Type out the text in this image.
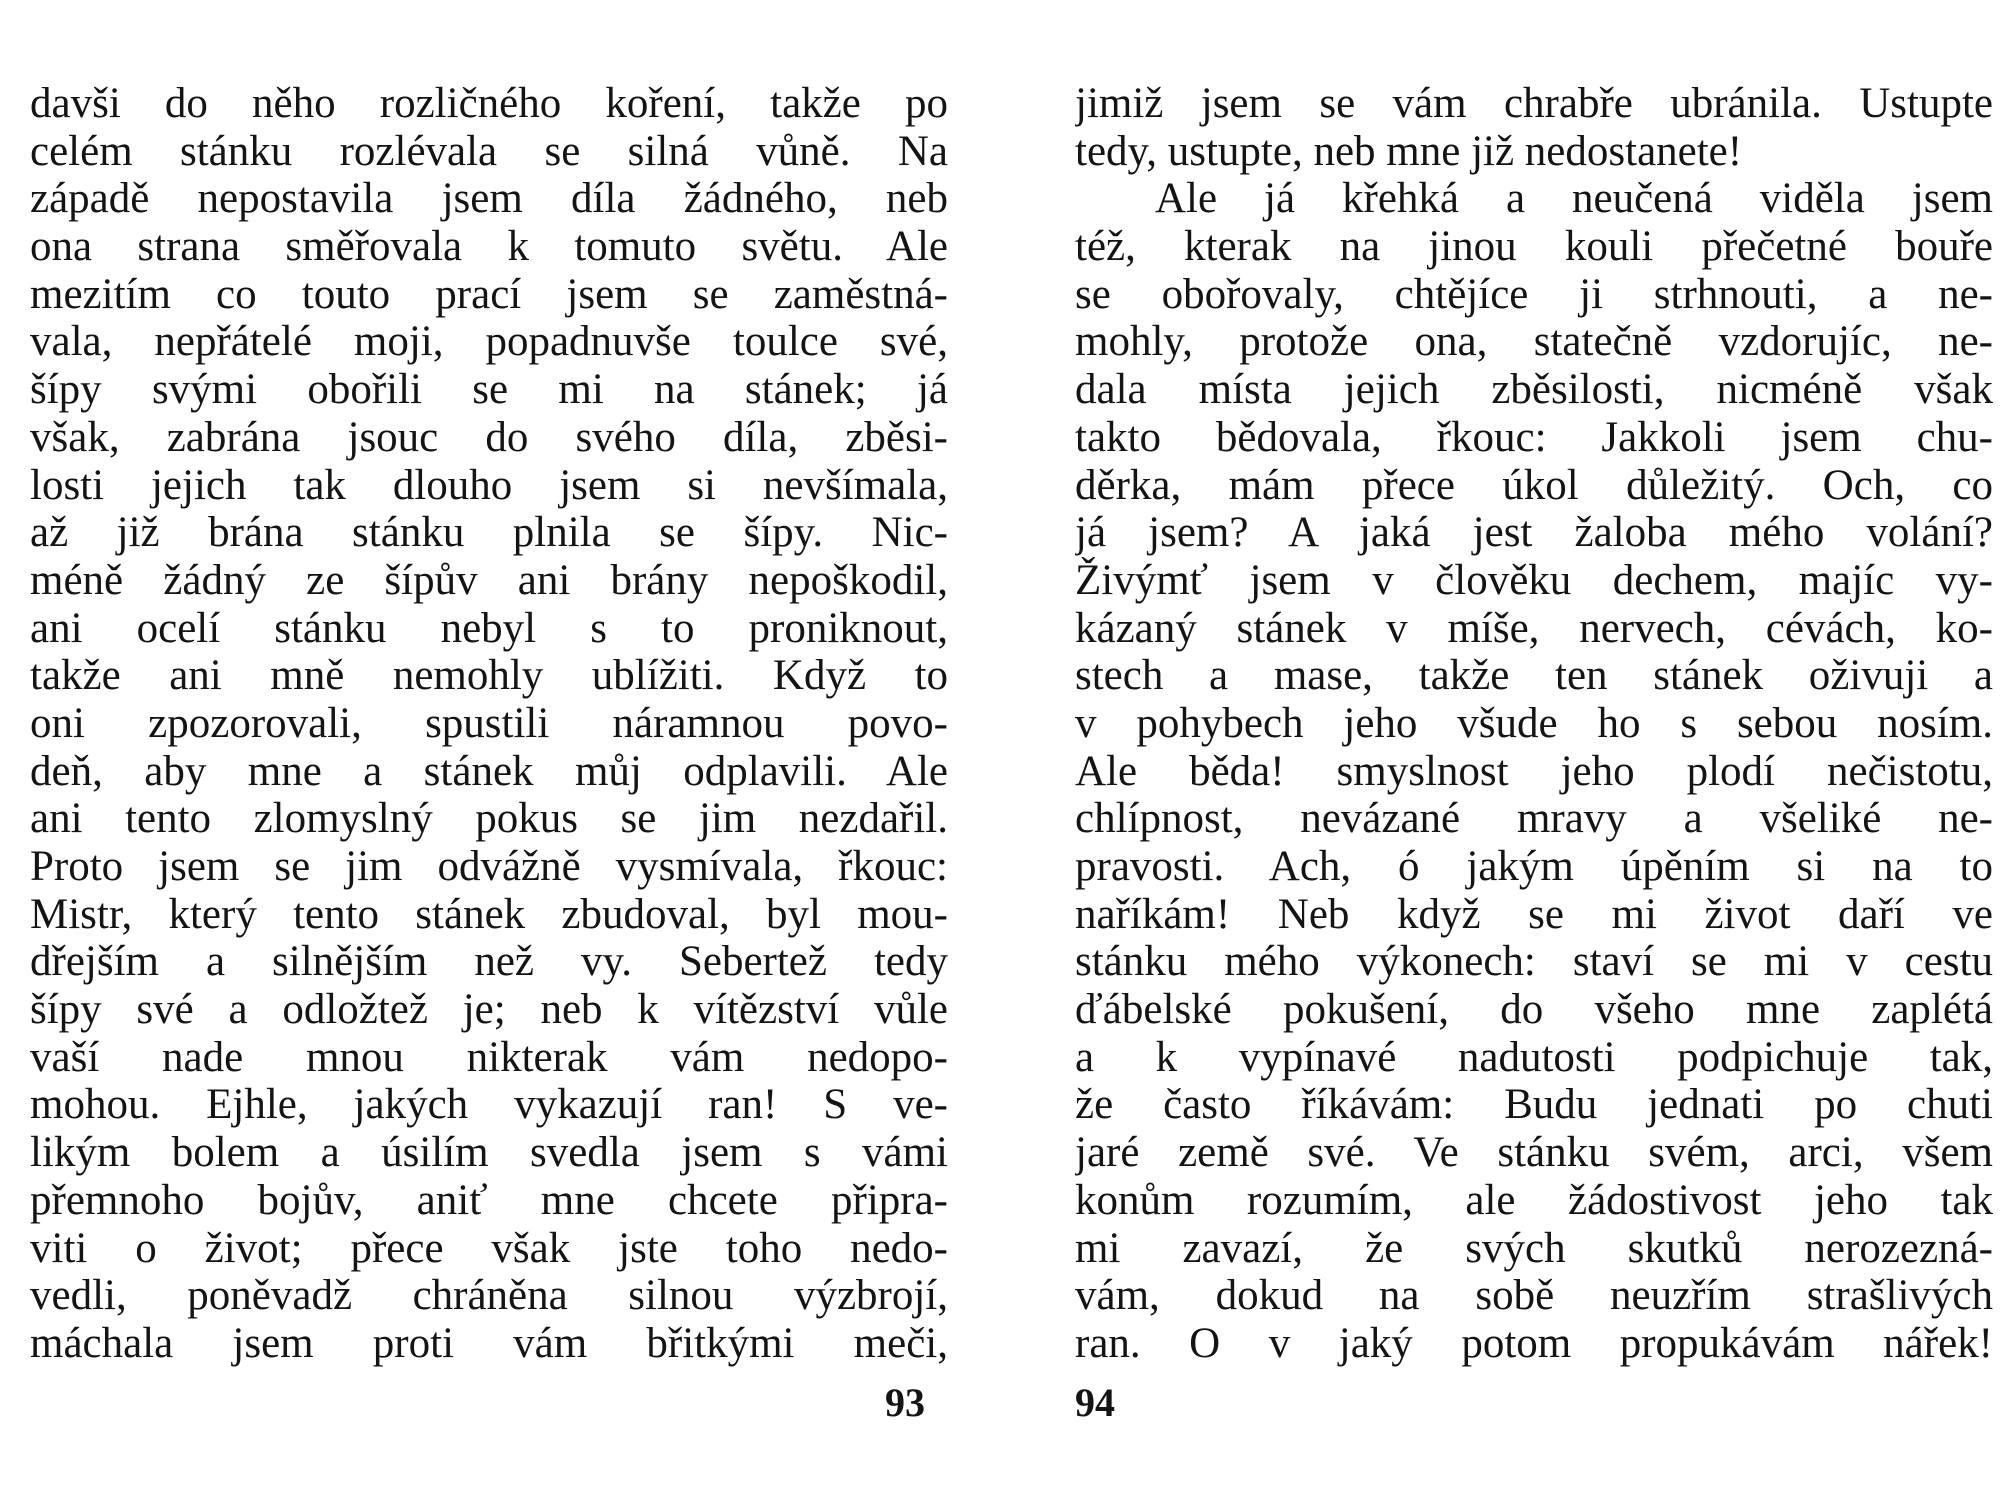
davši do něho rozličného koření, takže po
celém stánku rozlévala se silná vůně. Na
západě nepostavila jsem díla žádného, neb
ona strana směřovala k tomuto světu. Ale
mezitím co touto prací jsem se zaměstná-
vala, nepřátelé moji, popadnuvše toulce své,
šípy svými obořili se mi na stánek; já
však, zabrána jsouc do svého díla, zběsi-
losti jejich tak dlouho jsem si nevšímala,
až již brána stánku plnila se šípy. Nic-
méně žádný ze šípův ani brány nepoškodil,
ani ocelí stánku nebyl s to proniknout,
takže ani mně nemohly ublížiti. Když to
oni zpozorovali, spustili náramnou povo-
deň, aby mne a stánek můj odplavili. Ale
ani tento zlomyslný pokus se jim nezdařil.
Proto jsem se jim odvážně vysmívala, řkouc:
Mistr, který tento stánek zbudoval, byl mou-
dřejším a silnějším než vy. Sebertež tedy
šípy své a odložtež je; neb k vítězství vůle
vaší nade mnou nikterak vám nedopo-
mohou. Ejhle, jakých vykazují ran! S ve-
likým bolem a úsilím svedla jsem s vámi
přemnoho bojův, aniť mne chcete připra-
viti o život; přece však jste toho nedo-
vedli, poněvadž chráněna silnou výzbrojí,
máchala jsem proti vám břitkými meči,
93
jimiž jsem se vám chrabře ubránila. Ustupte
tedy, ustupte, neb mne již nedostanete!
Ale já křehká a neučená viděla jsem
též, kterak na jinou kouli přečetné bouře
se obořovaly, chtějíce ji strhnouti, a ne-
mohly, protože ona, statečně vzdorujíc, ne-
dala místa jejich zběsilosti, nicméně však
takto bědovala, řkouc: Jakkoli jsem chu-
děrka, mám přece úkol důležitý. Och, co
já jsem? A jaká jest žaloba mého volání?
Živýmť jsem v člověku dechem, majíc vy-
kázaný stánek v míše, nervech, cévách, ko-
stech a mase, takže ten stánek oživuji a
v pohybech jeho všude ho s sebou nosím.
Ale běda! smyslnost jeho plodí nečistotu,
chlípnost, nevázané mravy a všeliké ne-
pravosti. Ach, ó jakým úpěním si na to
naříkám! Neb když se mi život daří ve
stánku mého výkonech: staví se mi v cestu
ďábelské pokušení, do všeho mne zaplétá
a k vypínavé nadutosti podpichuje tak,
že často říkávám: Budu jednati po chuti
jaré země své. Ve stánku svém, arci, všem
konům rozumím, ale žádostivost jeho tak
mi zavazí, že svých skutků nerozezná-
vám, dokud na sobě neuzřím strašlivých
ran. O v jaký potom propukávám nářek!
94
